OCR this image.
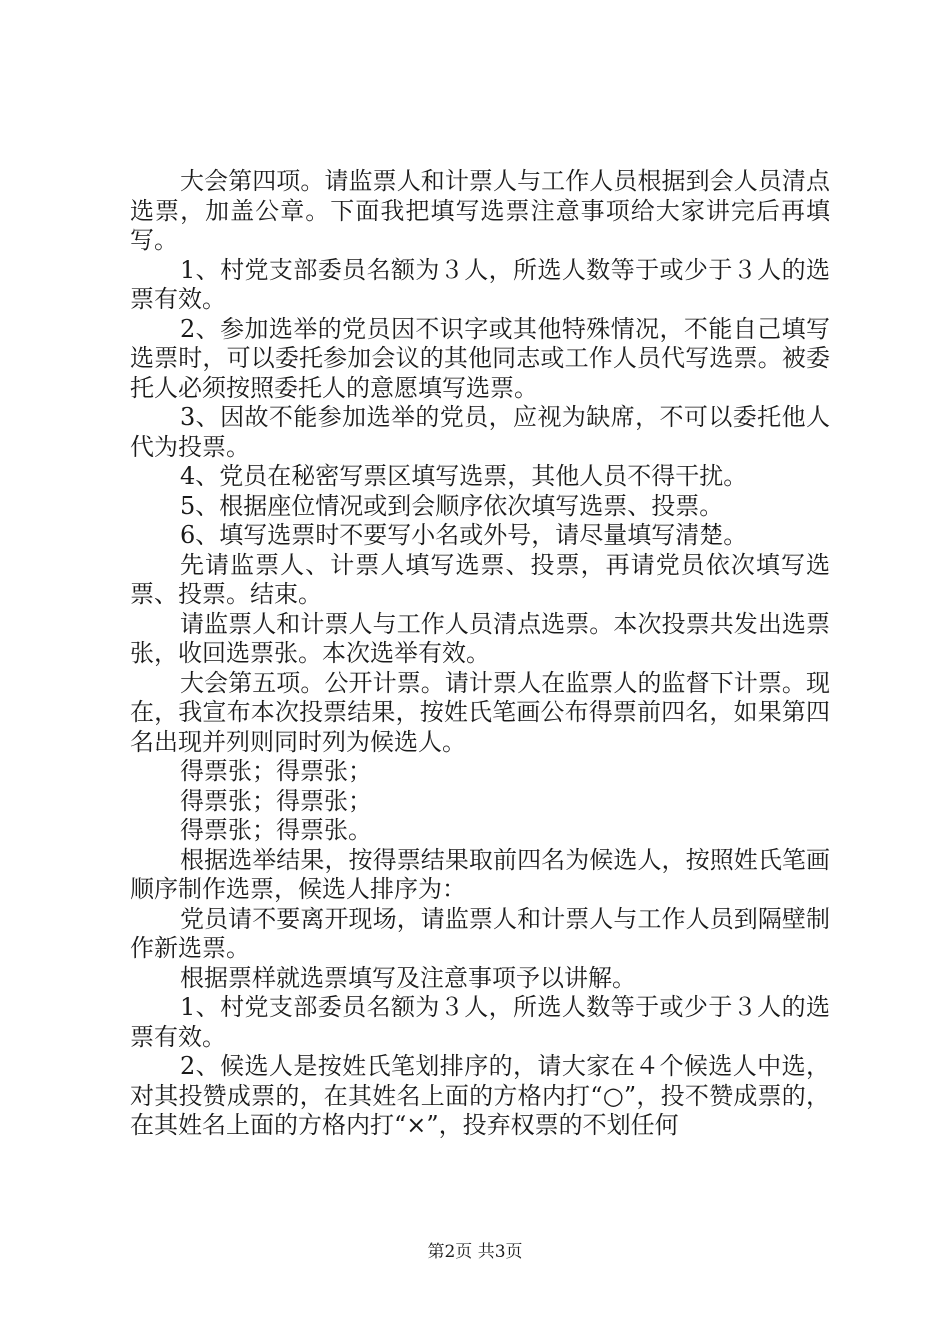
大会第四项。请监票人和计票人与工作人员根据到会人员清点选票，加盖公章。下面我把填写选票注意事项给大家讲完后再填写。

1、村党支部委员名额为３人，所选人数等于或少于３人的选票有效。

2、参加选举的党员因不识字或其他特殊情况，不能自己填写选票时，可以委托参加会议的其他同志或工作人员代写选票。被委托人必须按照委托人的意愿填写选票。

3、因故不能参加选举的党员，应视为缺席，不可以委托他人代为投票。

4、党员在秘密写票区填写选票，其他人员不得干扰。

5、根据座位情况或到会顺序依次填写选票、投票。

6、填写选票时不要写小名或外号，请尽量填写清楚。

先请监票人、计票人填写选票、投票，再请党员依次填写选票、投票。结束。

请监票人和计票人与工作人员清点选票。本次投票共发出选票张，收回选票张。本次选举有效。

大会第五项。公开计票。请计票人在监票人的监督下计票。现在，我宣布本次投票结果，按姓氏笔画公布得票前四名，如果第四名出现并列则同时列为候选人。

得票张；得票张；

得票张；得票张；

得票张；得票张。

根据选举结果，按得票结果取前四名为候选人，按照姓氏笔画顺序制作选票，候选人排序为：

党员请不要离开现场，请监票人和计票人与工作人员到隔壁制作新选票。

根据票样就选票填写及注意事项予以讲解。

1、村党支部委员名额为３人，所选人数等于或少于３人的选票有效。

2、候选人是按姓氏笔划排序的，请大家在４个候选人中选，对其投赞成票的，在其姓名上面的方格内打“○”，投不赞成票的，在其姓名上面的方格内打“×”，投弃权票的不划任何

第2页 共3页
